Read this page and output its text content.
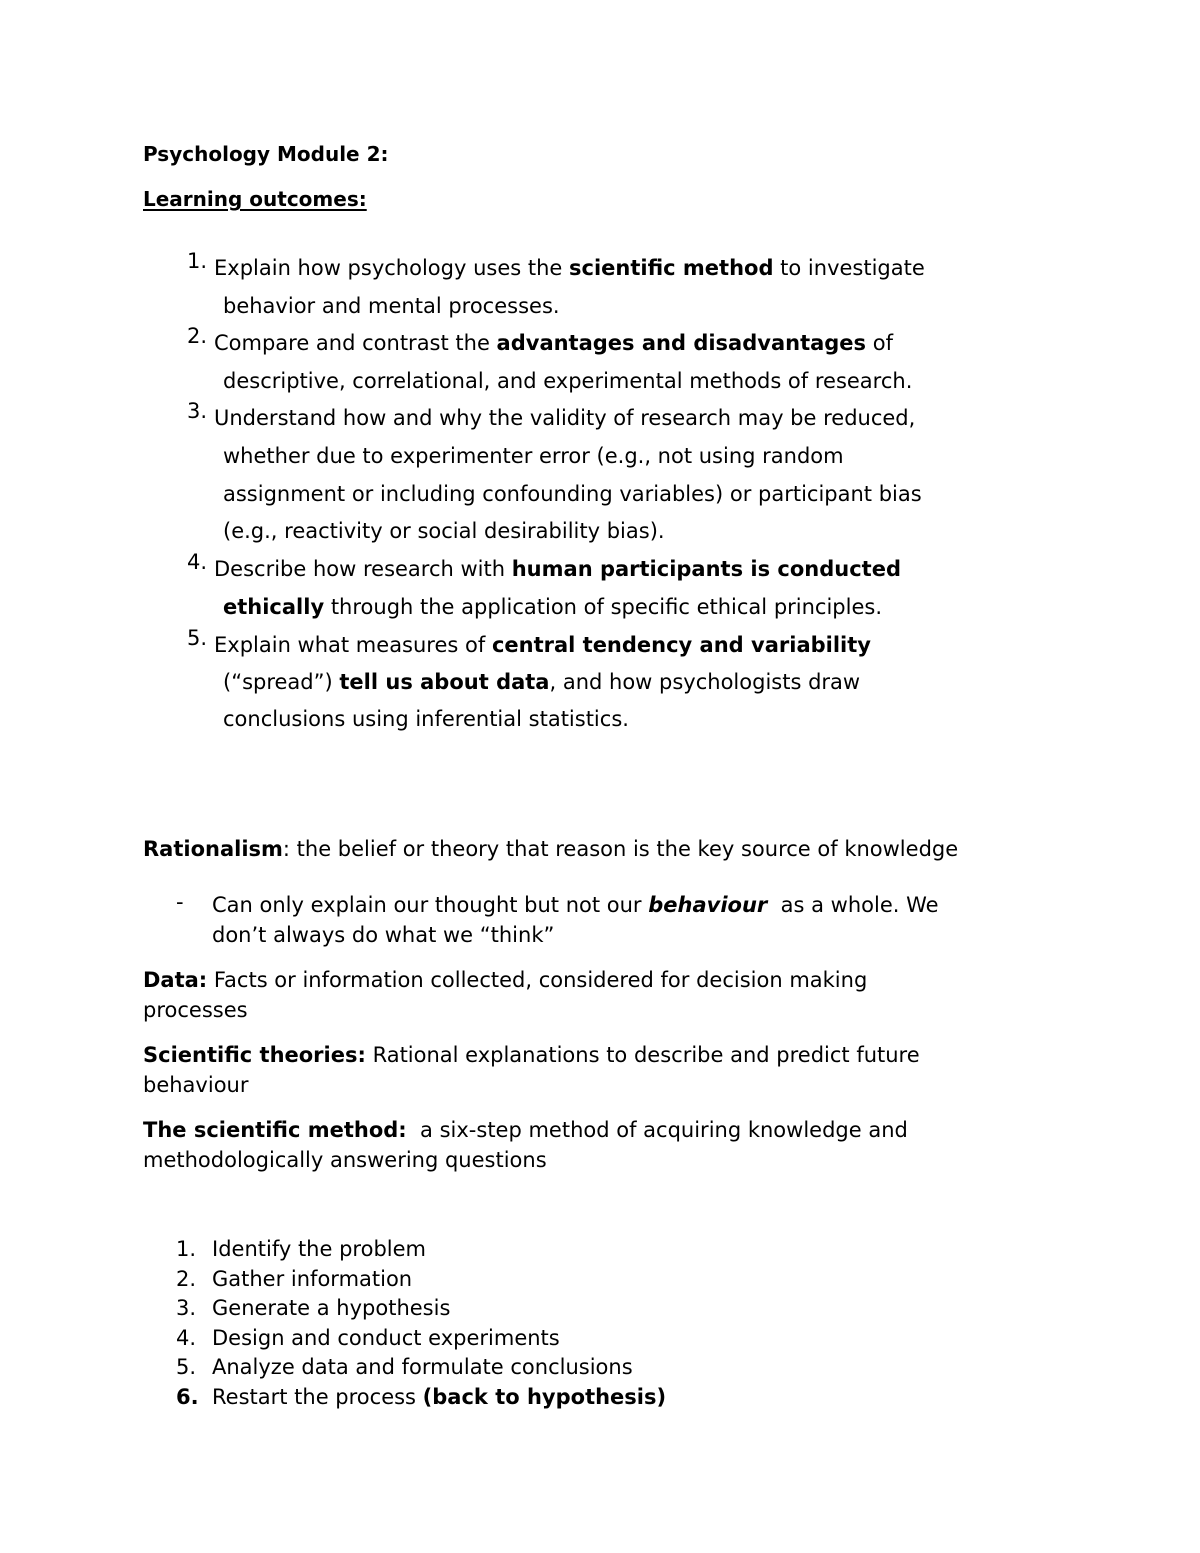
Psychology Module 2:
Learning outcomes:
1. Explain how psychology uses the scientific method to investigate
behavior and mental processes.
2. Compare and contrast the advantages and disadvantages of
descriptive, correlational, and experimental methods of research.
3. Understand how and why the validity of research may be reduced,
whether due to experimenter error (e.g., not using random
assignment or including confounding variables) or participant bias
(e.g., reactivity or social desirability bias).
4. Describe how research with human participants is conducted
ethically through the application of specific ethical principles.
5. Explain what measures of central tendency and variability
(“spread”) tell us about data, and how psychologists draw
conclusions using inferential statistics.
Rationalism: the belief or theory that reason is the key source of knowledge
- Can only explain our thought but not our behaviour  as a whole. We
don’t always do what we “think”
Data: Facts or information collected, considered for decision making
processes
Scientific theories: Rational explanations to describe and predict future
behaviour
The scientific method:  a six-step method of acquiring knowledge and
methodologically answering questions
1. Identify the problem
2. Gather information
3. Generate a hypothesis
4. Design and conduct experiments
5. Analyze data and formulate conclusions
6. Restart the process (back to hypothesis)
